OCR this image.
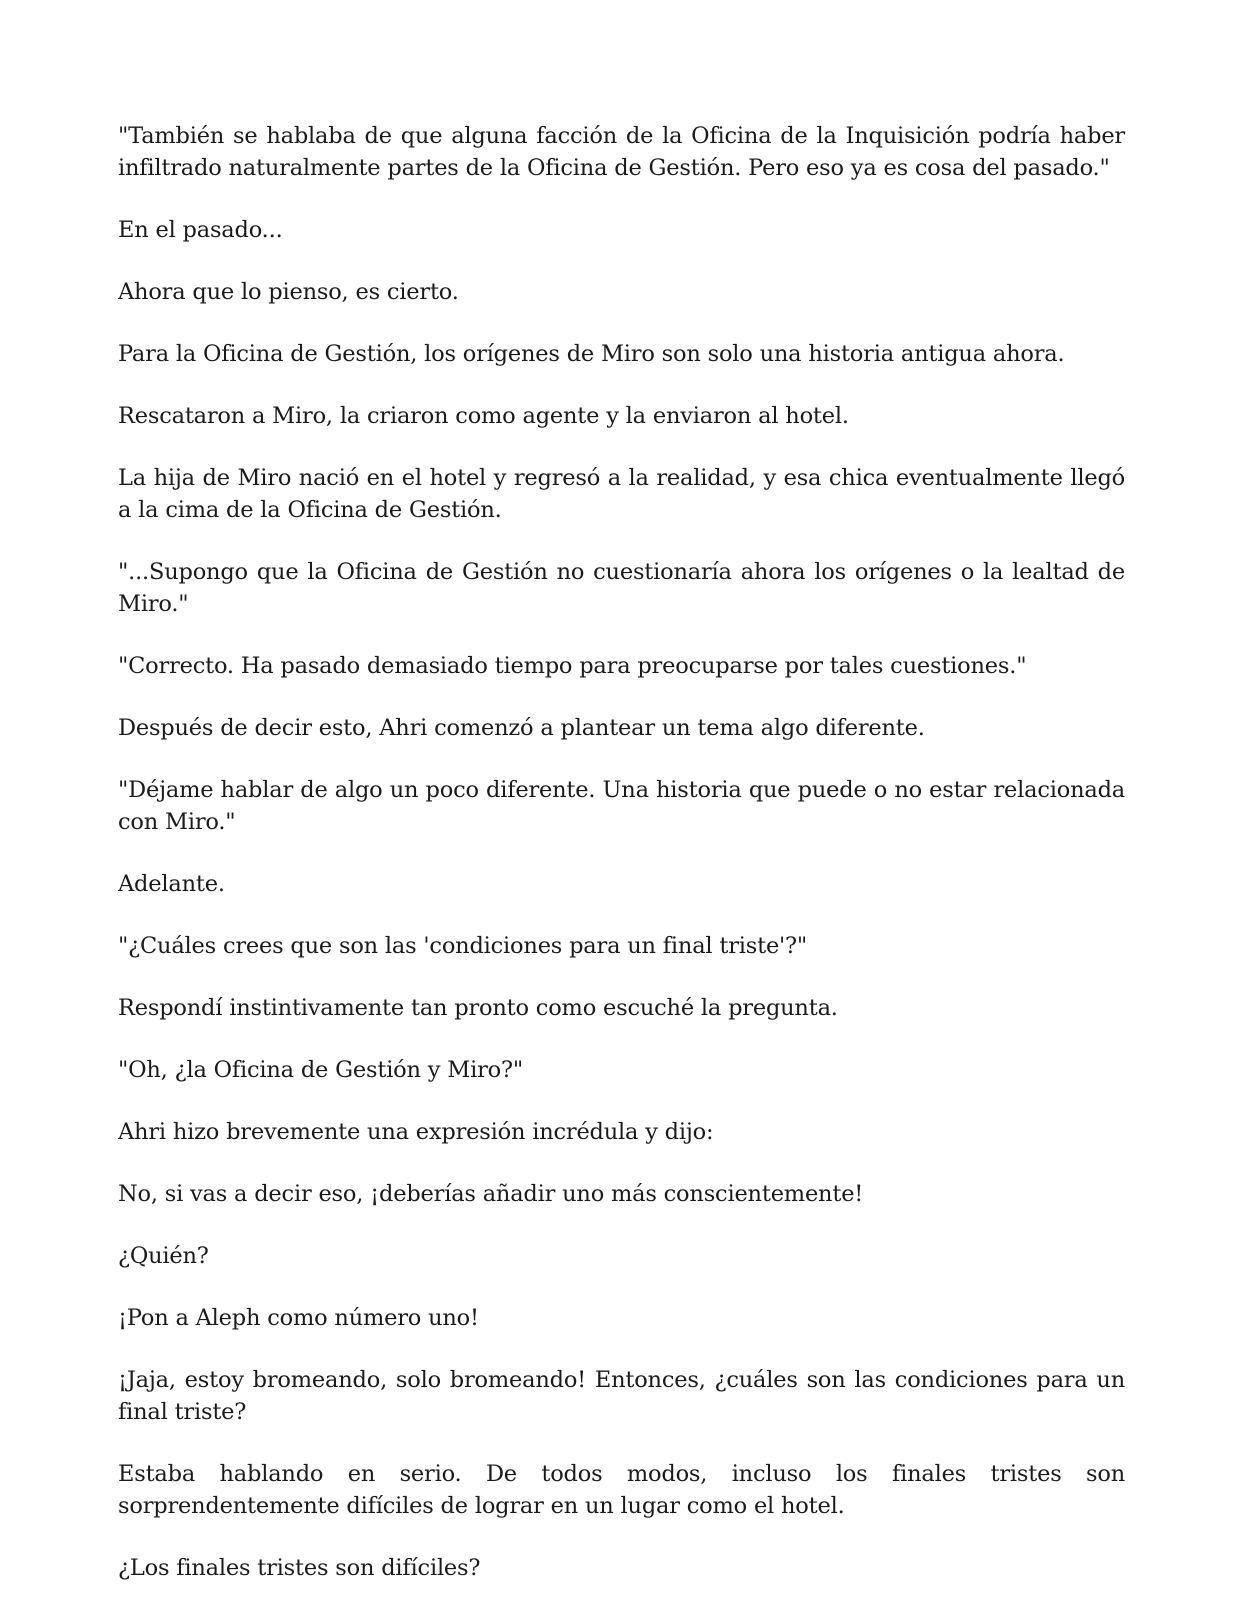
"También se hablaba de que alguna facción de la Oficina de la Inquisición podría haber infiltrado naturalmente partes de la Oficina de Gestión. Pero eso ya es cosa del pasado."

En el pasado...

Ahora que lo pienso, es cierto.

Para la Oficina de Gestión, los orígenes de Miro son solo una historia antigua ahora.

Rescataron a Miro, la criaron como agente y la enviaron al hotel.

La hija de Miro nació en el hotel y regresó a la realidad, y esa chica eventualmente llegó a la cima de la Oficina de Gestión.

"...Supongo que la Oficina de Gestión no cuestionaría ahora los orígenes o la lealtad de Miro."

"Correcto. Ha pasado demasiado tiempo para preocuparse por tales cuestiones."

Después de decir esto, Ahri comenzó a plantear un tema algo diferente.

"Déjame hablar de algo un poco diferente. Una historia que puede o no estar relacionada con Miro."

Adelante.

"¿Cuáles crees que son las 'condiciones para un final triste'?"

Respondí instintivamente tan pronto como escuché la pregunta.

"Oh, ¿la Oficina de Gestión y Miro?"

Ahri hizo brevemente una expresión incrédula y dijo:

No, si vas a decir eso, ¡deberías añadir uno más conscientemente!

¿Quién?

¡Pon a Aleph como número uno!

¡Jaja, estoy bromeando, solo bromeando! Entonces, ¿cuáles son las condiciones para un final triste?

Estaba hablando en serio. De todos modos, incluso los finales tristes son sorprendentemente difíciles de lograr en un lugar como el hotel.

¿Los finales tristes son difíciles?
